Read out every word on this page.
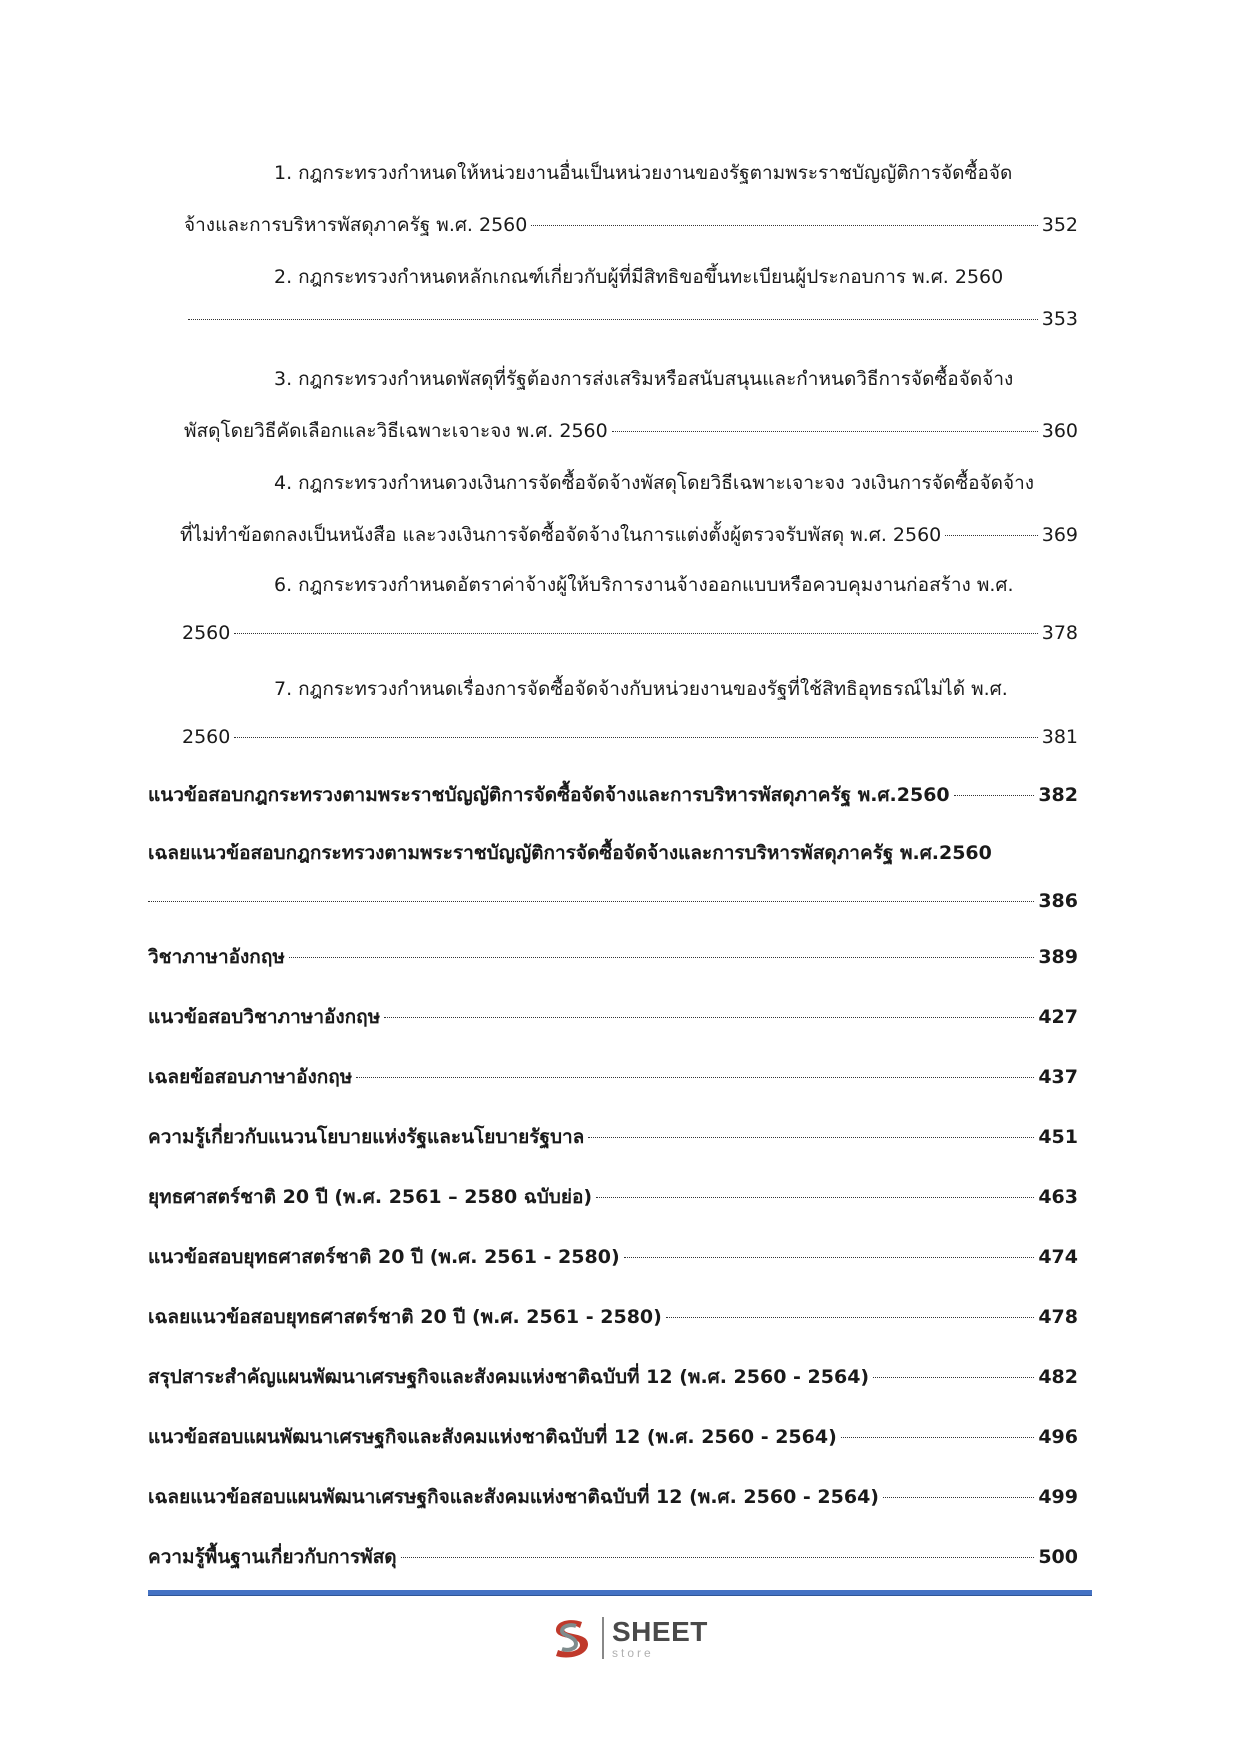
1. กฎกระทรวงกำหนดให้หน่วยงานอื่นเป็นหน่วยงานของรัฐตามพระราชบัญญัติการจัดซื้อจัด
จ้างและการบริหารพัสดุภาครัฐ พ.ศ. 2560	352
2. กฎกระทรวงกำหนดหลักเกณฑ์เกี่ยวกับผู้ที่มีสิทธิขอขึ้นทะเบียนผู้ประกอบการ พ.ศ. 2560
353
3. กฎกระทรวงกำหนดพัสดุที่รัฐต้องการส่งเสริมหรือสนับสนุนและกำหนดวิธีการจัดซื้อจัดจ้าง
พัสดุโดยวิธีคัดเลือกและวิธีเฉพาะเจาะจง พ.ศ. 2560	360
4. กฎกระทรวงกำหนดวงเงินการจัดซื้อจัดจ้างพัสดุโดยวิธีเฉพาะเจาะจง วงเงินการจัดซื้อจัดจ้าง
ที่ไม่ทำข้อตกลงเป็นหนังสือ และวงเงินการจัดซื้อจัดจ้างในการแต่งตั้งผู้ตรวจรับพัสดุ พ.ศ. 2560	369
6. กฎกระทรวงกำหนดอัตราค่าจ้างผู้ให้บริการงานจ้างออกแบบหรือควบคุมงานก่อสร้าง พ.ศ.
2560	378
7. กฎกระทรวงกำหนดเรื่องการจัดซื้อจัดจ้างกับหน่วยงานของรัฐที่ใช้สิทธิอุทธรณ์ไม่ได้ พ.ศ.
2560	381
แนวข้อสอบกฎกระทรวงตามพระราชบัญญัติการจัดซื้อจัดจ้างและการบริหารพัสดุภาครัฐ พ.ศ.2560	382
เฉลยแนวข้อสอบกฎกระทรวงตามพระราชบัญญัติการจัดซื้อจัดจ้างและการบริหารพัสดุภาครัฐ พ.ศ.2560
386
วิชาภาษาอังกฤษ	389
แนวข้อสอบวิชาภาษาอังกฤษ	427
เฉลยข้อสอบภาษาอังกฤษ	437
ความรู้เกี่ยวกับแนวนโยบายแห่งรัฐและนโยบายรัฐบาล	451
ยุทธศาสตร์ชาติ 20 ปี (พ.ศ. 2561 – 2580 ฉบับย่อ)	463
แนวข้อสอบยุทธศาสตร์ชาติ 20 ปี (พ.ศ. 2561 - 2580)	474
เฉลยแนวข้อสอบยุทธศาสตร์ชาติ 20 ปี (พ.ศ. 2561 - 2580)	478
สรุปสาระสำคัญแผนพัฒนาเศรษฐกิจและสังคมแห่งชาติฉบับที่ 12 (พ.ศ. 2560 - 2564)	482
แนวข้อสอบแผนพัฒนาเศรษฐกิจและสังคมแห่งชาติฉบับที่ 12 (พ.ศ. 2560 - 2564)	496
เฉลยแนวข้อสอบแผนพัฒนาเศรษฐกิจและสังคมแห่งชาติฉบับที่ 12 (พ.ศ. 2560 - 2564)	499
ความรู้พื้นฐานเกี่ยวกับการพัสดุ	500
SHEET
store
